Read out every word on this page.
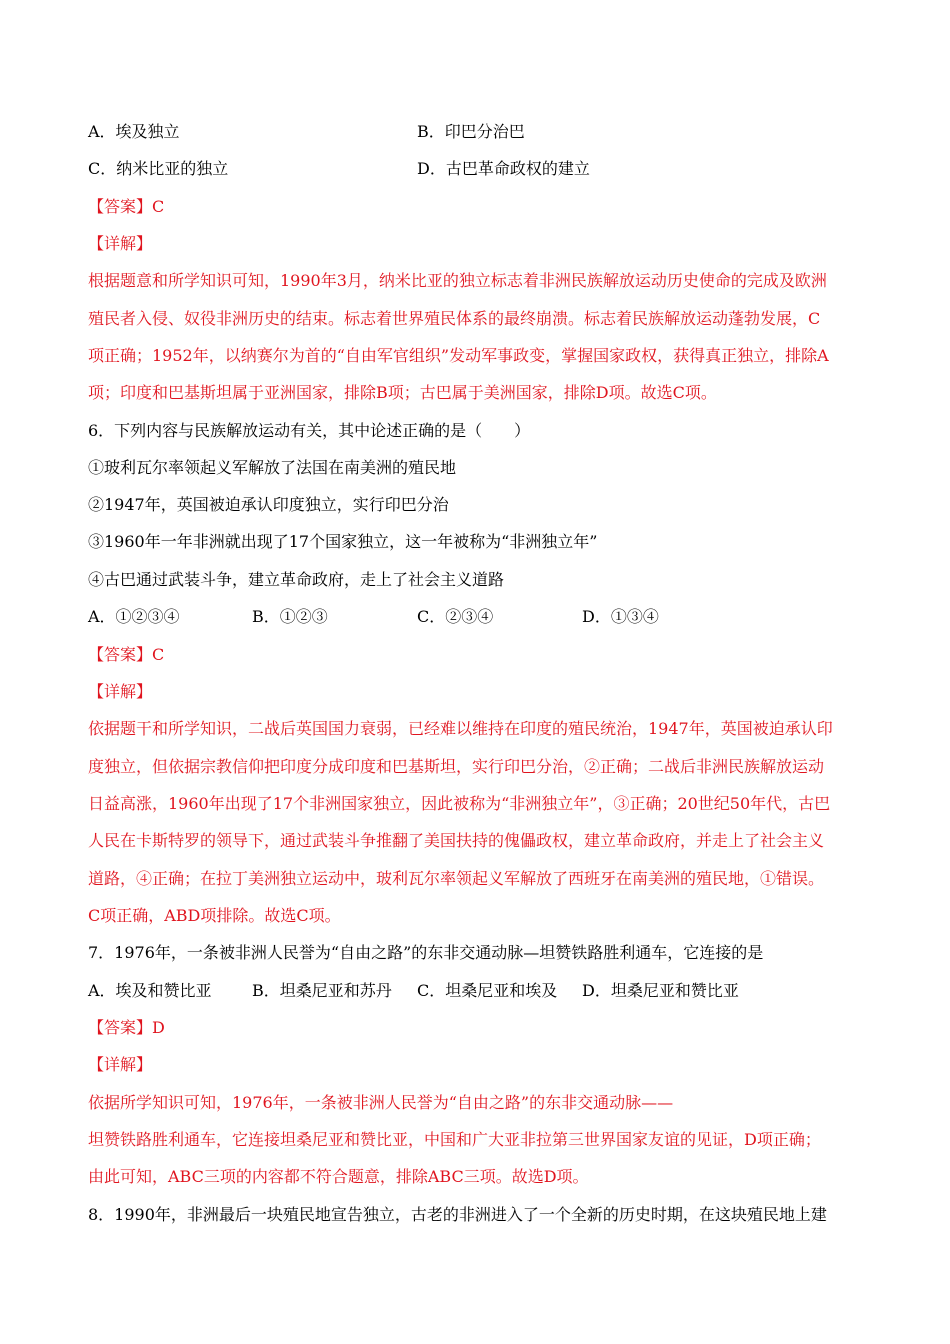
A．埃及独立	B．印巴分治巴
C．纳米比亚的独立	D．古巴革命政权的建立
【答案】C
【详解】
根据题意和所学知识可知，1990年3月，纳米比亚的独立标志着非洲民族解放运动历史使命的完成及欧洲
殖民者入侵、奴役非洲历史的结束。标志着世界殖民体系的最终崩溃。标志着民族解放运动蓬勃发展，C
项正确；1952年，以纳赛尔为首的“自由军官组织”发动军事政变，掌握国家政权，获得真正独立，排除A
项；印度和巴基斯坦属于亚洲国家，排除B项；古巴属于美洲国家，排除D项。故选C项。
6．下列内容与民族解放运动有关，其中论述正确的是（　　）
①玻利瓦尔率领起义军解放了法国在南美洲的殖民地
②1947年，英国被迫承认印度独立，实行印巴分治
③1960年一年非洲就出现了17个国家独立，这一年被称为“非洲独立年”
④古巴通过武装斗争，建立革命政府，走上了社会主义道路
A．①②③④	B．①②③	C．②③④	D．①③④
【答案】C
【详解】
依据题干和所学知识，二战后英国国力衰弱，已经难以维持在印度的殖民统治，1947年，英国被迫承认印
度独立，但依据宗教信仰把印度分成印度和巴基斯坦，实行印巴分治，②正确；二战后非洲民族解放运动
日益高涨，1960年出现了17个非洲国家独立，因此被称为“非洲独立年”，③正确；20世纪50年代，古巴
人民在卡斯特罗的领导下，通过武装斗争推翻了美国扶持的傀儡政权，建立革命政府，并走上了社会主义
道路，④正确；在拉丁美洲独立运动中，玻利瓦尔率领起义军解放了西班牙在南美洲的殖民地，①错误。
C项正确，ABD项排除。故选C项。
7．1976年，一条被非洲人民誉为“自由之路”的东非交通动脉—坦赞铁路胜利通车，它连接的是
A．埃及和赞比亚	B．坦桑尼亚和苏丹 C．坦桑尼亚和埃及 D．坦桑尼亚和赞比亚
【答案】D
【详解】
依据所学知识可知，1976年，一条被非洲人民誉为“自由之路”的东非交通动脉——
坦赞铁路胜利通车，它连接坦桑尼亚和赞比亚，中国和广大亚非拉第三世界国家友谊的见证，D项正确；
由此可知，ABC三项的内容都不符合题意，排除ABC三项。故选D项。
8．1990年，非洲最后一块殖民地宣告独立，古老的非洲进入了一个全新的历史时期，在这块殖民地上建
